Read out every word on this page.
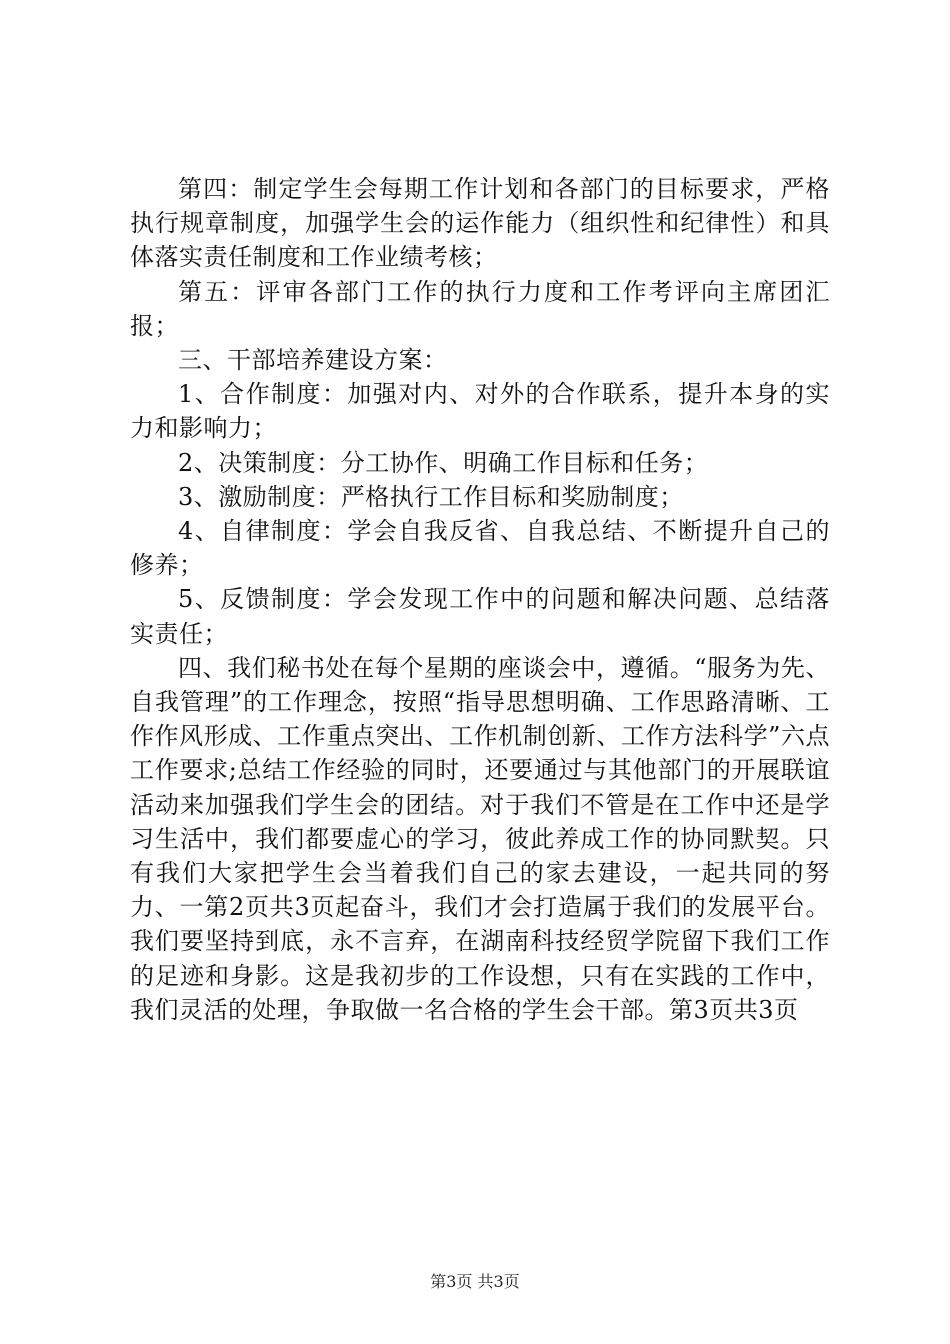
第四：制定学生会每期工作计划和各部门的目标要求，严格执行规章制度，加强学生会的运作能力（组织性和纪律性）和具体落实责任制度和工作业绩考核；

第五：评审各部门工作的执行力度和工作考评向主席团汇报；

三、干部培养建设方案：

1、合作制度：加强对内、对外的合作联系，提升本身的实力和影响力；

2、决策制度：分工协作、明确工作目标和任务；

3、激励制度：严格执行工作目标和奖励制度；

4、自律制度：学会自我反省、自我总结、不断提升自己的修养；

5、反馈制度：学会发现工作中的问题和解决问题、总结落实责任；

四、我们秘书处在每个星期的座谈会中，遵循。“服务为先、自我管理”的工作理念，按照“指导思想明确、工作思路清晰、工作作风形成、工作重点突出、工作机制创新、工作方法科学”六点工作要求;总结工作经验的同时，还要通过与其他部门的开展联谊活动来加强我们学生会的团结。对于我们不管是在工作中还是学习生活中，我们都要虚心的学习，彼此养成工作的协同默契。只有我们大家把学生会当着我们自己的家去建设，一起共同的努力、一第2页共3页起奋斗，我们才会打造属于我们的发展平台。我们要坚持到底，永不言弃，在湖南科技经贸学院留下我们工作的足迹和身影。这是我初步的工作设想，只有在实践的工作中，我们灵活的处理，争取做一名合格的学生会干部。第3页共3页

第3页 共3页
